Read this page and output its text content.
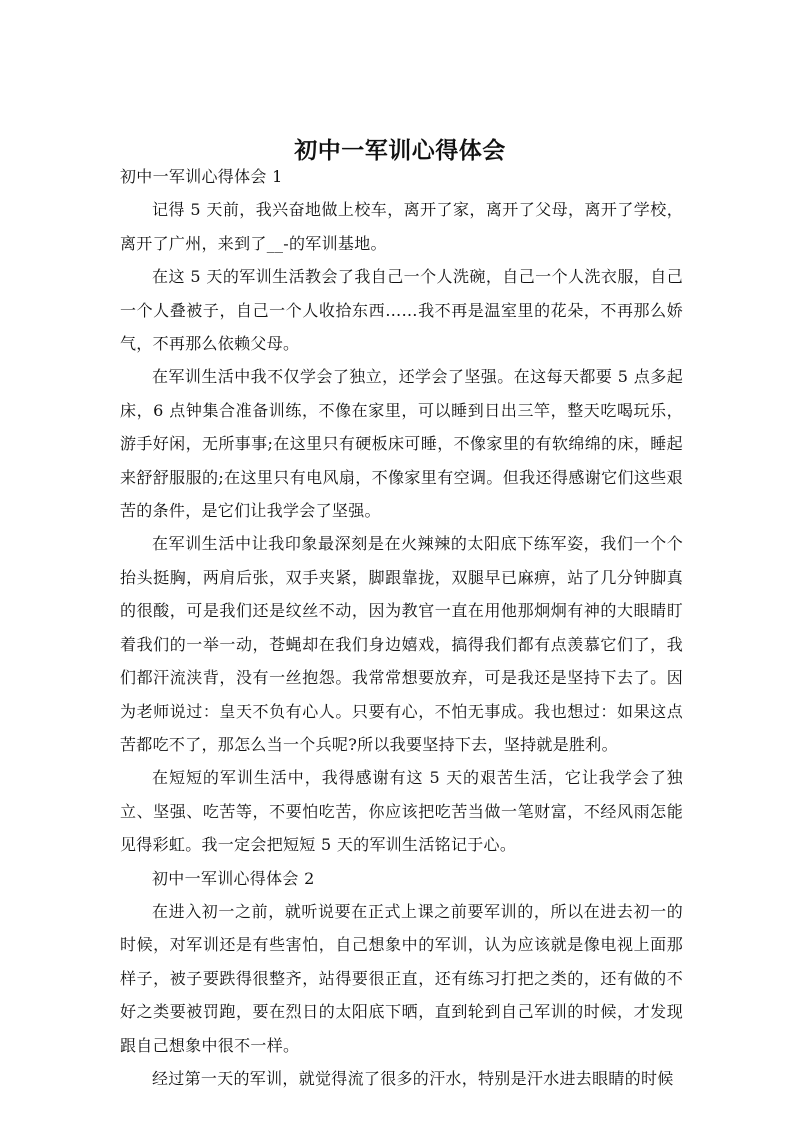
初中一军训心得体会

初中一军训心得体会 1

记得 5 天前，我兴奋地做上校车，离开了家，离开了父母，离开了学校，离开了广州，来到了__-的军训基地。

在这 5 天的军训生活教会了我自己一个人洗碗，自己一个人洗衣服，自己一个人叠被子，自己一个人收拾东西……我不再是温室里的花朵，不再那么娇气，不再那么依赖父母。

在军训生活中我不仅学会了独立，还学会了坚强。在这每天都要 5 点多起床，6 点钟集合准备训练，不像在家里，可以睡到日出三竿，整天吃喝玩乐，游手好闲，无所事事;在这里只有硬板床可睡，不像家里的有软绵绵的床，睡起来舒舒服服的;在这里只有电风扇，不像家里有空调。但我还得感谢它们这些艰苦的条件，是它们让我学会了坚强。

在军训生活中让我印象最深刻是在火辣辣的太阳底下练军姿，我们一个个抬头挺胸，两肩后张，双手夹紧，脚跟靠拢，双腿早已麻痹，站了几分钟脚真的很酸，可是我们还是纹丝不动，因为教官一直在用他那炯炯有神的大眼睛盯着我们的一举一动，苍蝇却在我们身边嬉戏，搞得我们都有点羡慕它们了，我们都汗流浃背，没有一丝抱怨。我常常想要放弃，可是我还是坚持下去了。因为老师说过：皇天不负有心人。只要有心，不怕无事成。我也想过：如果这点苦都吃不了，那怎么当一个兵呢?所以我要坚持下去，坚持就是胜利。

在短短的军训生活中，我得感谢有这 5 天的艰苦生活，它让我学会了独立、坚强、吃苦等，不要怕吃苦，你应该把吃苦当做一笔财富，不经风雨怎能见得彩虹。我一定会把短短 5 天的军训生活铭记于心。

初中一军训心得体会 2

在进入初一之前，就听说要在正式上课之前要军训的，所以在进去初一的时候，对军训还是有些害怕，自己想象中的军训，认为应该就是像电视上面那样子，被子要跌得很整齐，站得要很正直，还有练习打把之类的，还有做的不好之类要被罚跑，要在烈日的太阳底下晒，直到轮到自己军训的时候，才发现跟自己想象中很不一样。

经过第一天的军训，就觉得流了很多的汗水，特别是汗水进去眼睛的时候
